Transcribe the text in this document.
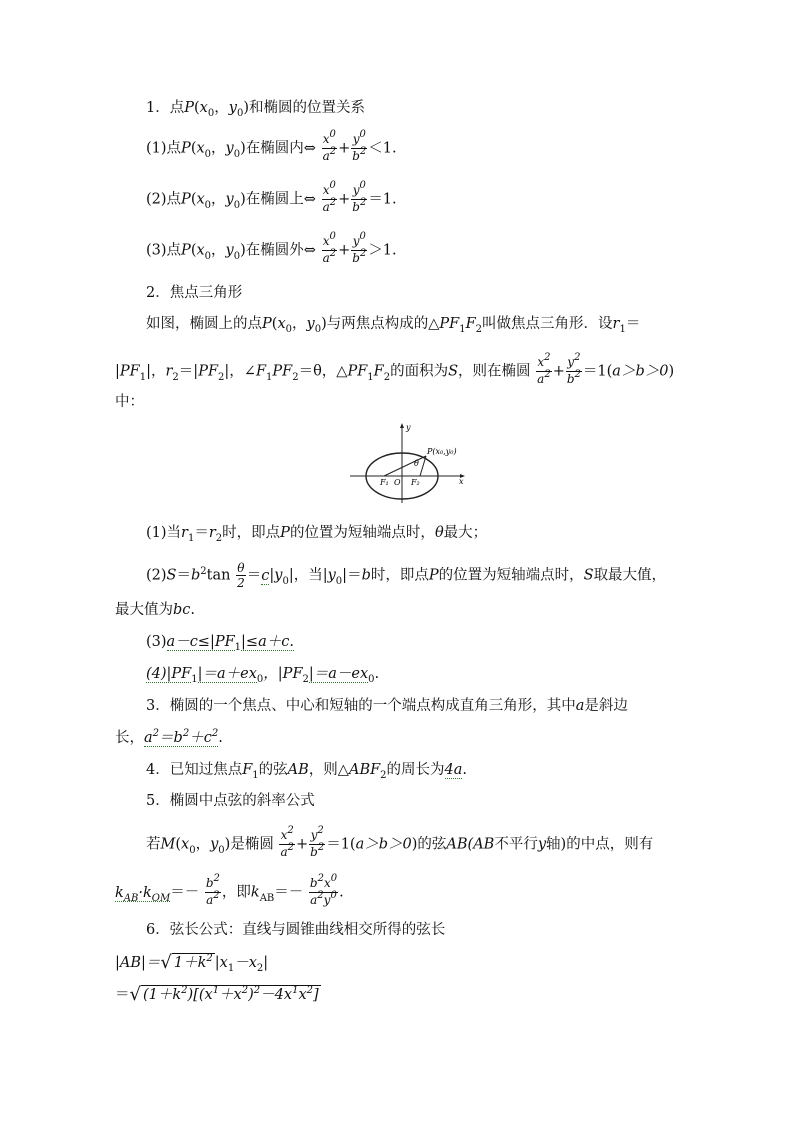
1．点$P(x_0$，$y_0$)和椭圆的位置关系
(1)点$P(x_0$，$y_0$)在椭圆内⇔ $\frac{x^0}{a^2} + \frac{y^0}{b^2} <1$.
(2)点$P(x_0$，$y_0$)在椭圆上⇔ $\frac{x^0}{a^2} + \frac{y^0}{b^2} =1$.
(3)点$P(x_0$，$y_0$)在椭圆外⇔ $\frac{x^0}{a^2} + \frac{y^0}{b^2} >1$.
2．焦点三角形
如图，椭圆上的点$P(x_0$，$y_0$)与两焦点构成的$\triangle PF_1F_2$叫做焦点三角形．设$r_1=$
$|PF_1|$，$r_2=|PF_2|$，$\angle F_1PF_2=\theta$，$\triangle PF_1F_2$的面积为S，则在椭圆 $\frac{x^2}{a^2} + \frac{y^2}{b^2} =1(a>b>0)$
中：
y
x
P(x₀,y₀)
θ
F₁ O F₂
(1)当$r_1=r_2$时，即点P的位置为短轴端点时，θ最大；
$(2)S=b^2\tan \frac{\theta}{2} =c|y_0|$，当$|y_0|=b$时，即点P的位置为短轴端点时，S取最大值，
最大值为bc.
$(3)a-c\le|PF_1|\le a+c$.
$(4)|PF_1|=a+ex_0$，$|PF_2|=a-ex_0$.
3．椭圆的一个焦点、中心和短轴的一个端点构成直角三角形，其中a是斜边
长，$a^2=b^2+c^2$.
4．已知过焦点$F_1$的弦AB，则$\triangle ABF_2$的周长为4a.
5．椭圆中点弦的斜率公式
若$M(x_0$，$y_0$)是椭圆 $\frac{x^2}{a^2} + \frac{y^2}{b^2} =1(a>b>0)$的弦AB(AB不平行y轴)的中点，则有
$k_{AB}\cdot k_{OM}=- \frac{b^2}{a^2}$ ，即$k_{AB}=- \frac{b^2x^0}{a^2y^0}$ .
6．弦长公式：直线与圆锥曲线相交所得的弦长
|AB|＝√ $1+k^2$ $|x_1-x_2|$
＝√ $(1+k^2)[(x^1+x^2)^2-4x^1x^2]$
